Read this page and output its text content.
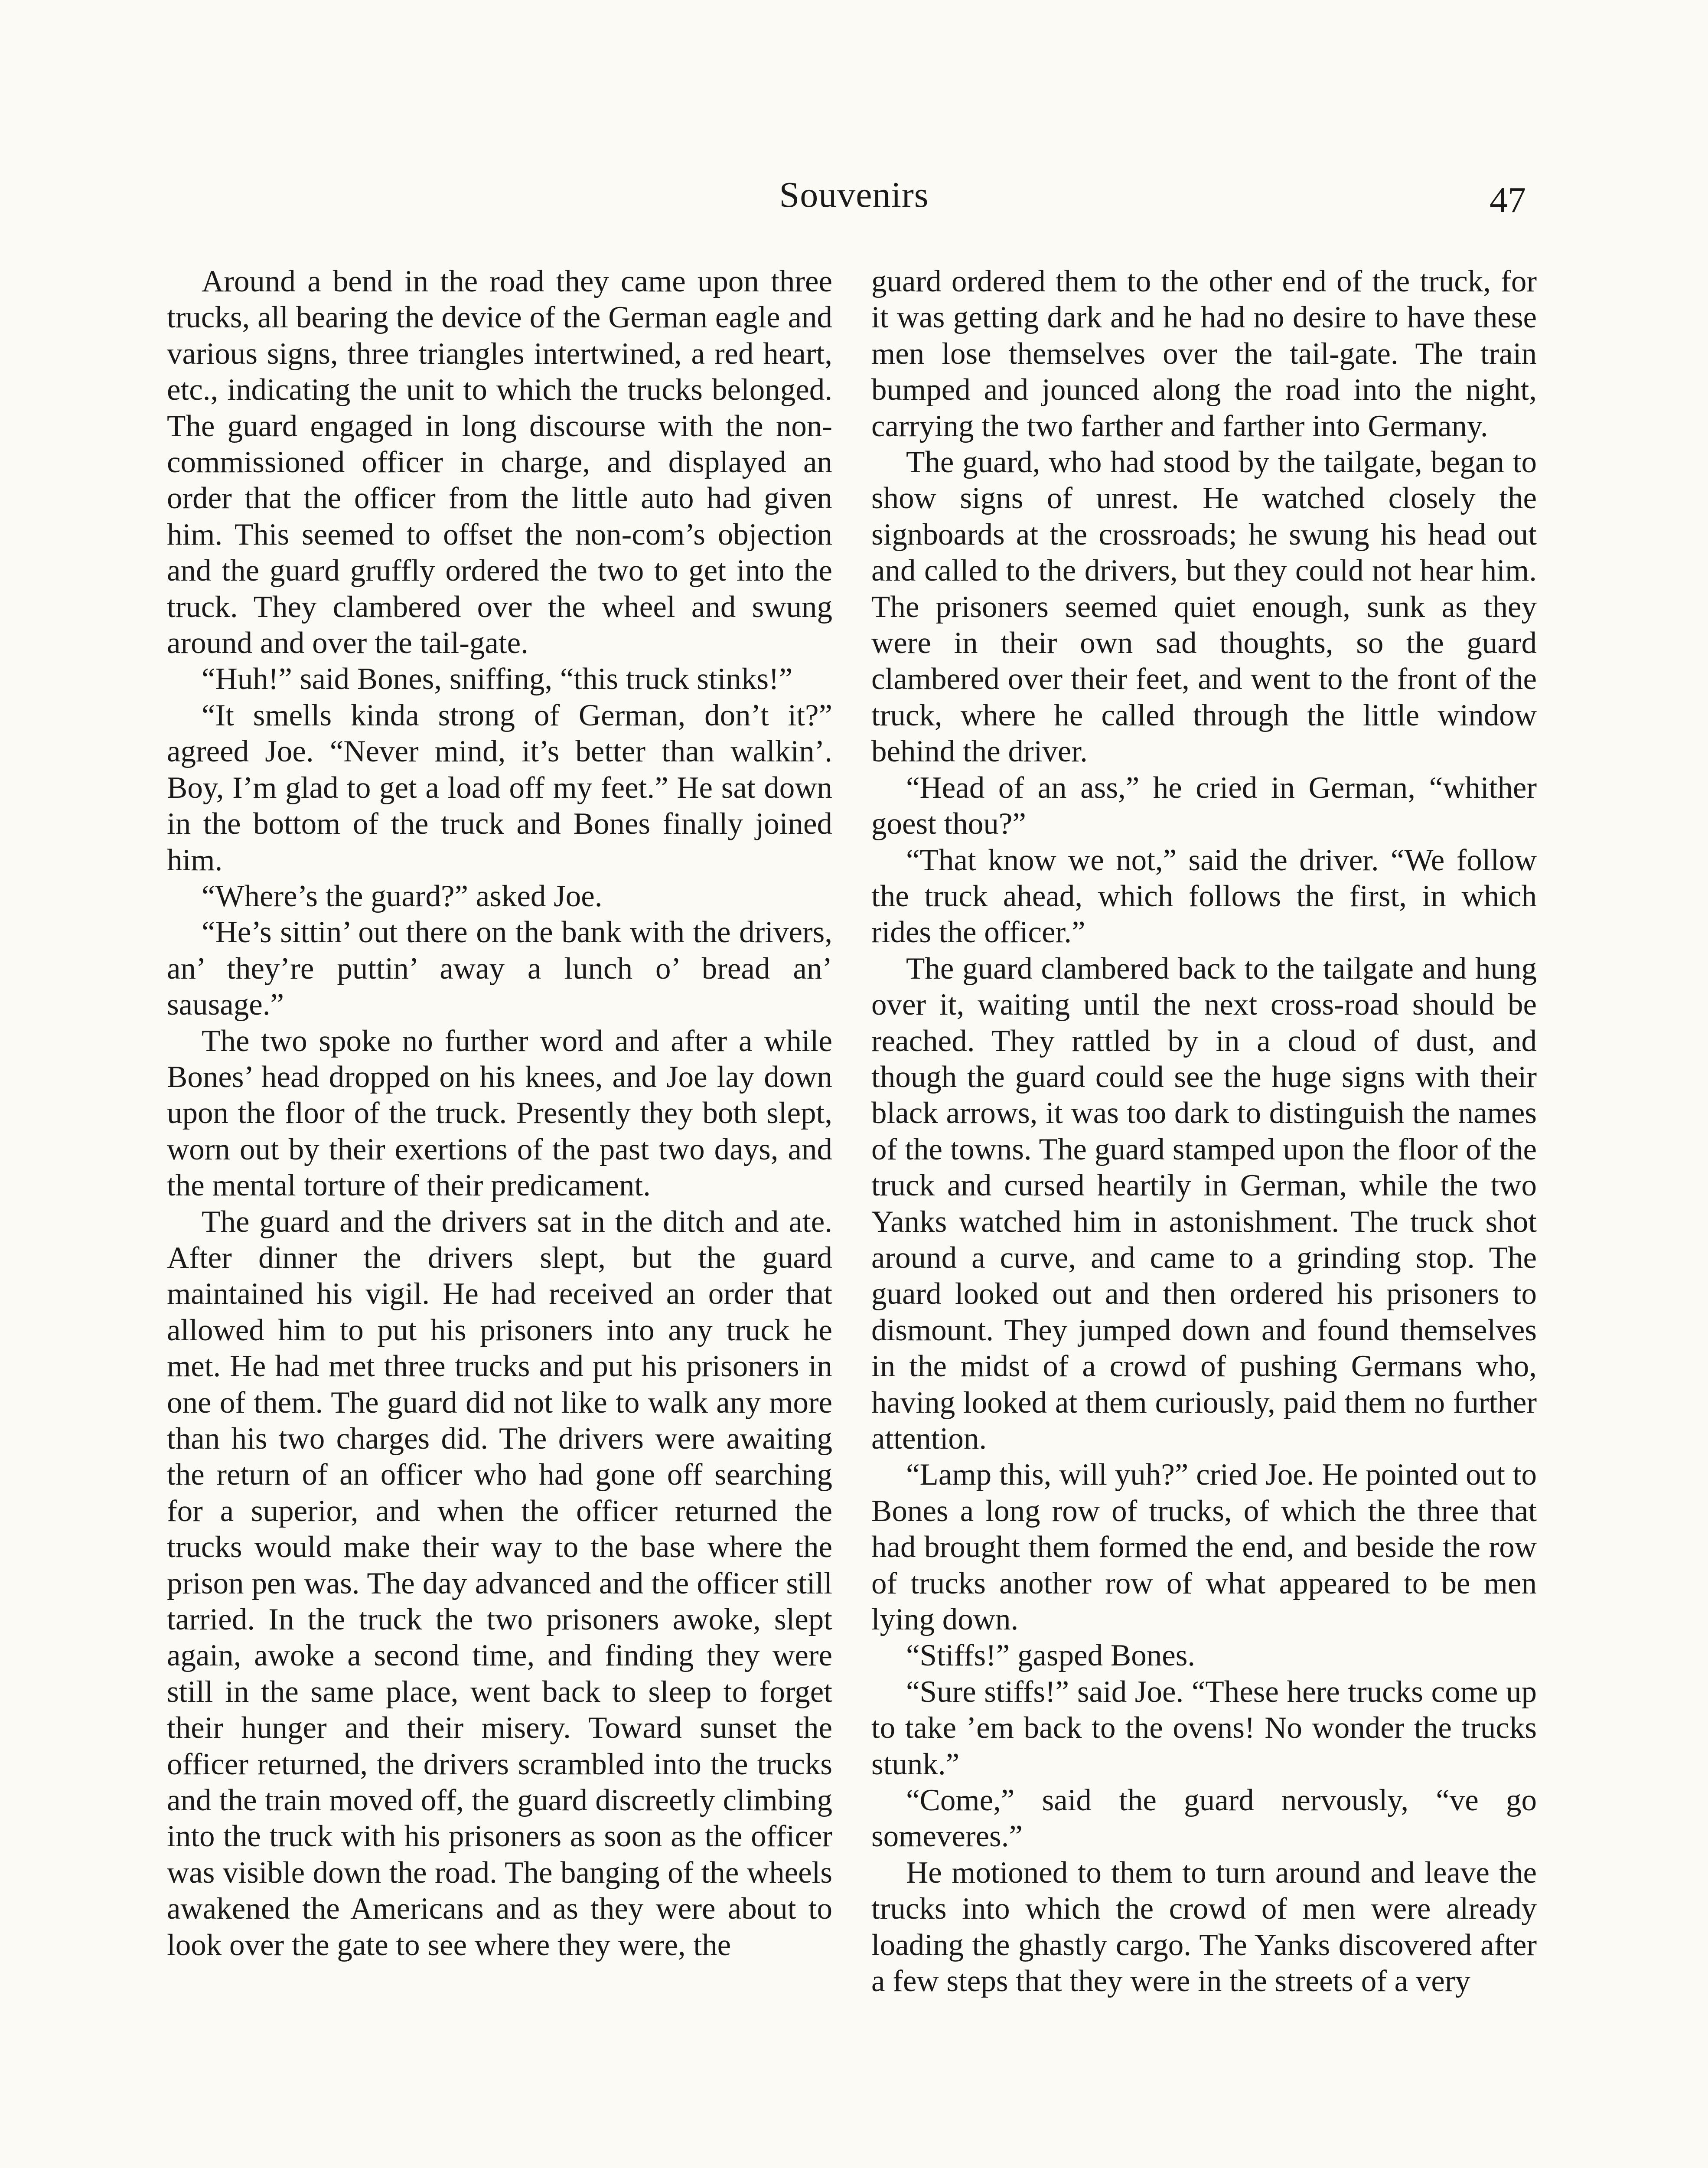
Souvenirs	47

Around a bend in the road they came upon three trucks, all bearing the device of the German eagle and various signs, three triangles intertwined, a red heart, etc., indicating the unit to which the trucks belonged. The guard engaged in long discourse with the non-commissioned officer in charge, and displayed an order that the officer from the little auto had given him. This seemed to offset the non-com’s objection and the guard gruffly ordered the two to get into the truck. They clambered over the wheel and swung around and over the tail-gate.

“Huh!” said Bones, sniffing, “this truck stinks!”

“It smells kinda strong of German, don’t it?” agreed Joe. “Never mind, it’s better than walkin’. Boy, I’m glad to get a load off my feet.” He sat down in the bottom of the truck and Bones finally joined him.

“Where’s the guard?” asked Joe.

“He’s sittin’ out there on the bank with the drivers, an’ they’re puttin’ away a lunch o’ bread an’ sausage.”

The two spoke no further word and after a while Bones’ head dropped on his knees, and Joe lay down upon the floor of the truck. Presently they both slept, worn out by their exertions of the past two days, and the mental torture of their predicament.

The guard and the drivers sat in the ditch and ate. After dinner the drivers slept, but the guard maintained his vigil. He had received an order that allowed him to put his prisoners into any truck he met. He had met three trucks and put his prisoners in one of them. The guard did not like to walk any more than his two charges did. The drivers were awaiting the return of an officer who had gone off searching for a superior, and when the officer returned the trucks would make their way to the base where the prison pen was. The day advanced and the officer still tarried. In the truck the two prisoners awoke, slept again, awoke a second time, and finding they were still in the same place, went back to sleep to forget their hunger and their misery. Toward sunset the officer returned, the drivers scrambled into the trucks and the train moved off, the guard discreetly climbing into the truck with his prisoners as soon as the officer was visible down the road. The banging of the wheels awakened the Americans and as they were about to look over the gate to see where they were, the

guard ordered them to the other end of the truck, for it was getting dark and he had no desire to have these men lose themselves over the tail-gate. The train bumped and jounced along the road into the night, carrying the two farther and farther into Germany.

The guard, who had stood by the tailgate, began to show signs of unrest. He watched closely the signboards at the crossroads; he swung his head out and called to the drivers, but they could not hear him. The prisoners seemed quiet enough, sunk as they were in their own sad thoughts, so the guard clambered over their feet, and went to the front of the truck, where he called through the little window behind the driver.

“Head of an ass,” he cried in German, “whither goest thou?”

“That know we not,” said the driver. “We follow the truck ahead, which follows the first, in which rides the officer.”

The guard clambered back to the tailgate and hung over it, waiting until the next cross-road should be reached. They rattled by in a cloud of dust, and though the guard could see the huge signs with their black arrows, it was too dark to distinguish the names of the towns. The guard stamped upon the floor of the truck and cursed heartily in German, while the two Yanks watched him in astonishment. The truck shot around a curve, and came to a grinding stop. The guard looked out and then ordered his prisoners to dismount. They jumped down and found themselves in the midst of a crowd of pushing Germans who, having looked at them curiously, paid them no further attention.

“Lamp this, will yuh?” cried Joe. He pointed out to Bones a long row of trucks, of which the three that had brought them formed the end, and beside the row of trucks another row of what appeared to be men lying down.

“Stiffs!” gasped Bones.

“Sure stiffs!” said Joe. “These here trucks come up to take ’em back to the ovens! No wonder the trucks stunk.”

“Come,” said the guard nervously, “ve go someveres.”

He motioned to them to turn around and leave the trucks into which the crowd of men were already loading the ghastly cargo. The Yanks discovered after a few steps that they were in the streets of a very
